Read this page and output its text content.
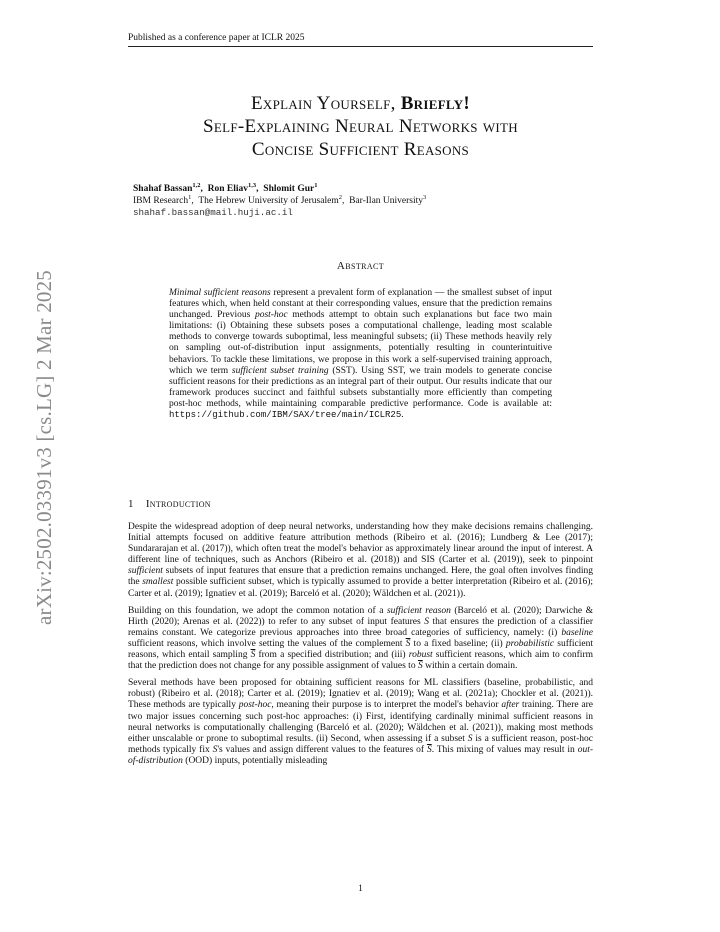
Published as a conference paper at ICLR 2025
arXiv:2502.03391v3 [cs.LG] 2 Mar 2025
Explain Yourself, Briefly!
Self-Explaining Neural Networks with
Concise Sufficient Reasons
Shahaf Bassan$^{1,2}$,  Ron Eliav$^{1,3}$,  Shlomit Gur$^1$
IBM Research$^1$,  The Hebrew University of Jerusalem$^2$,  Bar-Ilan University$^3$
shahaf.bassan@mail.huji.ac.il
Abstract
Minimal sufficient reasons represent a prevalent form of explanation — the smallest subset of input features which, when held constant at their corresponding values, ensure that the prediction remains unchanged. Previous post-hoc methods attempt to obtain such explanations but face two main limitations: (i) Obtaining these subsets poses a computational challenge, leading most scalable methods to converge towards suboptimal, less meaningful subsets; (ii) These methods heavily rely on sampling out-of-distribution input assignments, potentially resulting in counterintuitive behaviors. To tackle these limitations, we propose in this work a self-supervised training approach, which we term sufficient subset training (SST). Using SST, we train models to generate concise sufficient reasons for their predictions as an integral part of their output. Our results indicate that our framework produces succinct and faithful subsets substantially more efficiently than competing post-hoc methods, while maintaining comparable predictive performance. Code is available at: https://github.com/IBM/SAX/tree/main/ICLR25.
1 Introduction

Despite the widespread adoption of deep neural networks, understanding how they make decisions remains challenging. Initial attempts focused on additive feature attribution methods (Ribeiro et al. (2016); Lundberg & Lee (2017); Sundararajan et al. (2017)), which often treat the model's behavior as approximately linear around the input of interest. A different line of techniques, such as Anchors (Ribeiro et al. (2018)) and SIS (Carter et al. (2019)), seek to pinpoint sufficient subsets of input features that ensure that a prediction remains unchanged. Here, the goal often involves finding the smallest possible sufficient subset, which is typically assumed to provide a better interpretation (Ribeiro et al. (2016); Carter et al. (2019); Ignatiev et al. (2019); Barceló et al. (2020); Wäldchen et al. (2021)).

Building on this foundation, we adopt the common notation of a sufficient reason (Barceló et al. (2020); Darwiche & Hirth (2020); Arenas et al. (2022)) to refer to any subset of input features S that ensures the prediction of a classifier remains constant. We categorize previous approaches into three broad categories of sufficiency, namely: (i) baseline sufficient reasons, which involve setting the values of the complement $\overline{S}$ to a fixed baseline; (ii) probabilistic sufficient reasons, which entail sampling $\overline{S}$ from a specified distribution; and (iii) robust sufficient reasons, which aim to confirm that the prediction does not change for any possible assignment of values to $\overline{S}$ within a certain domain.

Several methods have been proposed for obtaining sufficient reasons for ML classifiers (baseline, probabilistic, and robust) (Ribeiro et al. (2018); Carter et al. (2019); Ignatiev et al. (2019); Wang et al. (2021a); Chockler et al. (2021)). These methods are typically post-hoc, meaning their purpose is to interpret the model's behavior after training. There are two major issues concerning such post-hoc approaches: (i) First, identifying cardinally minimal sufficient reasons in neural networks is computationally challenging (Barceló et al. (2020); Wäldchen et al. (2021)), making most methods either unscalable or prone to suboptimal results. (ii) Second, when assessing if a subset S is a sufficient reason, post-hoc methods typically fix S's values and assign different values to the features of $\overline{S}$. This mixing of values may result in out-of-distribution (OOD) inputs, potentially misleading

1
